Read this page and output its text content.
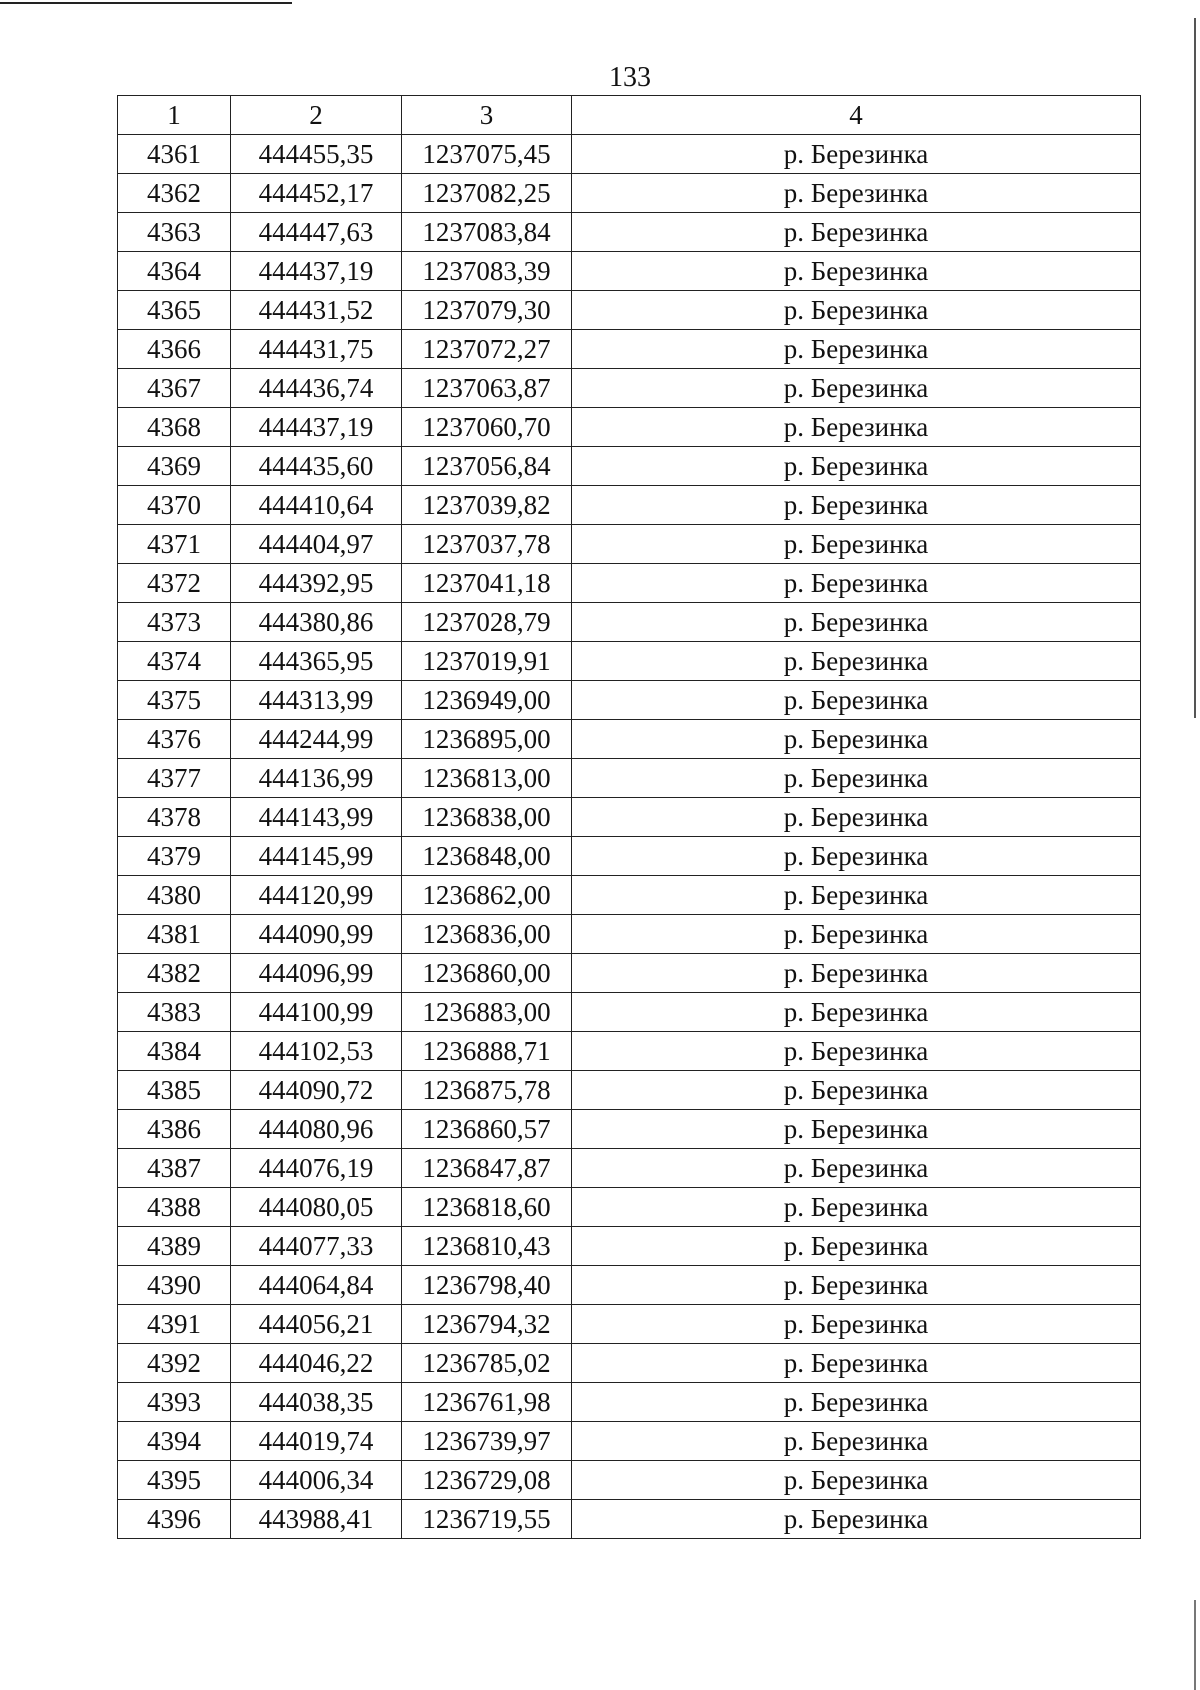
133
1	2	3	4
4361	444455,35	1237075,45	р. Березинка
4362	444452,17	1237082,25	р. Березинка
4363	444447,63	1237083,84	р. Березинка
4364	444437,19	1237083,39	р. Березинка
4365	444431,52	1237079,30	р. Березинка
4366	444431,75	1237072,27	р. Березинка
4367	444436,74	1237063,87	р. Березинка
4368	444437,19	1237060,70	р. Березинка
4369	444435,60	1237056,84	р. Березинка
4370	444410,64	1237039,82	р. Березинка
4371	444404,97	1237037,78	р. Березинка
4372	444392,95	1237041,18	р. Березинка
4373	444380,86	1237028,79	р. Березинка
4374	444365,95	1237019,91	р. Березинка
4375	444313,99	1236949,00	р. Березинка
4376	444244,99	1236895,00	р. Березинка
4377	444136,99	1236813,00	р. Березинка
4378	444143,99	1236838,00	р. Березинка
4379	444145,99	1236848,00	р. Березинка
4380	444120,99	1236862,00	р. Березинка
4381	444090,99	1236836,00	р. Березинка
4382	444096,99	1236860,00	р. Березинка
4383	444100,99	1236883,00	р. Березинка
4384	444102,53	1236888,71	р. Березинка
4385	444090,72	1236875,78	р. Березинка
4386	444080,96	1236860,57	р. Березинка
4387	444076,19	1236847,87	р. Березинка
4388	444080,05	1236818,60	р. Березинка
4389	444077,33	1236810,43	р. Березинка
4390	444064,84	1236798,40	р. Березинка
4391	444056,21	1236794,32	р. Березинка
4392	444046,22	1236785,02	р. Березинка
4393	444038,35	1236761,98	р. Березинка
4394	444019,74	1236739,97	р. Березинка
4395	444006,34	1236729,08	р. Березинка
4396	443988,41	1236719,55	р. Березинка
